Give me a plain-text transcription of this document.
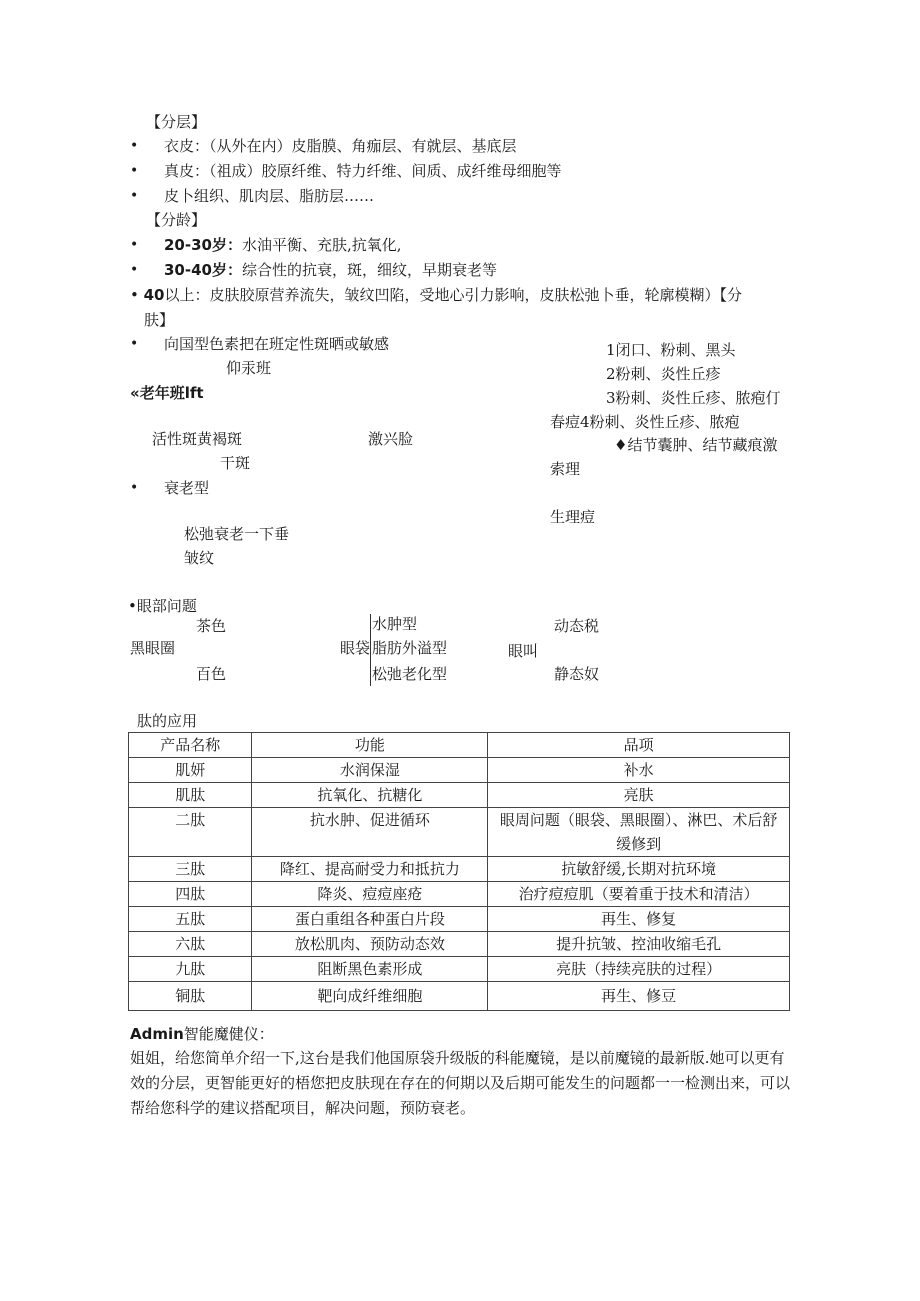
【分层】
• 衣皮：（从外在内）皮脂膜、角痂层、有就层、基底层
• 真皮：（祖成）胶原纤维、特力纤维、间质、成纤维母细胞等
• 皮卜组织、肌肉层、脂肪层……
【分龄】
• 20-30岁：水油平衡、充肤,抗氧化,
• 30-40岁：综合性的抗衰，斑，细纹，早期衰老等
• 40以上：皮肤胶原营养流失，皱纹凹陷，受地心引力影响，皮肤松弛卜垂，轮廓模糊）【分
肤】
• 向国型色素把在班定性斑晒或敏感
仰汞班
«老年班lft
活性斑黄褐斑	激兴脸
干斑
• 衰老型
松弛衰老一下垂
皱纹
1闭口、粉刺、黑头
2粉刺、炎性丘疹
3粉刺、炎性丘疹、脓疱仃
春痘4粉刺、炎性丘疹、脓疱
♦结节囊肿、结节藏痕激
索理
生理痘
•眼部问题
茶色
黑眼圈
百色
眼袋
水肿型
脂肪外溢型
松弛老化型
眼叫
动态税
静态奴
肽的应用
产品名称	功能	品项
肌妍	水润保湿	补水
肌肽	抗氧化、抗糖化	亮肤
二肽	抗水肿、促进循环	眼周问题（眼袋、黑眼圈）、淋巴、术后舒缓修到
三肽	降红、提高耐受力和抵抗力	抗敏舒缓,长期对抗环境
四肽	降炎、痘痘座疮	治疗痘痘肌（要着重于技术和清洁）
五肽	蛋白重组各种蛋白片段	再生、修复
六肽	放松肌肉、预防动态效	提升抗皱、控油收缩毛孔
九肽	阻断黑色素形成	亮肤（持续亮肤的过程）
铜肽	靶向成纤维细胞	再生、修豆
Admin智能魔健仪：
姐姐，给您简单介绍一下,这台是我们他国原袋升级版的科能魔镜，是以前魔镜的最新版.她可以更有效的分层，更智能更好的梧您把皮肤现在存在的何期以及后期可能发生的问题都一一检测出来，可以帮给您科学的建议搭配项目，解决问题，预防衰老。
